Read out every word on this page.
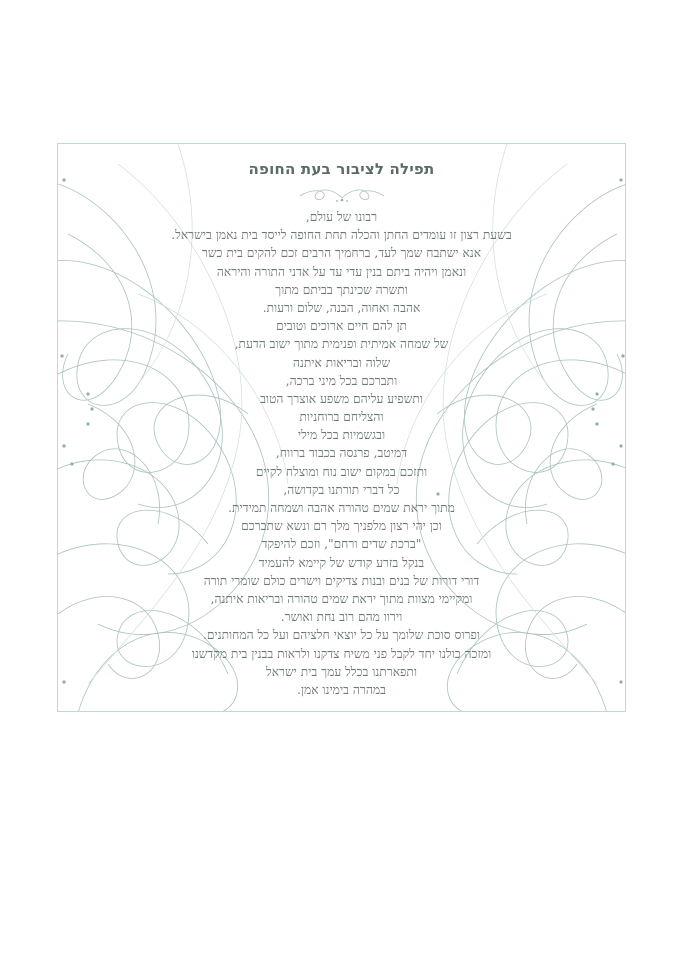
תפילה לציבור בעת החופה
רבונו של עולם,
בשעת רצון זו עומדים החתן והכלה תחת החופה לייסד בית נאמן בישראל.
אנא ישתבח שמך לעד, ברחמיך הרבים זכם להקים בית כשר
ונאמן ויהיה ביתם בנין עדי עד על אדני התורה והיראה
ותשרה שכינתך בביתם מתוך
אהבה ואחוה, הבנה, שלום ורעות.
תן להם חיים ארוכים וטובים
של שמחה אמיתית ופנימית מתוך ישוב הדעת,
שלוה ובריאות איתנה
ותברכם בכל מיני ברכה,
ותשפיע עליהם משפע אוצרך הטוב
והצליחם ברוחניות
ובגשמיות בכל מילי
דמיטב, פרנסה בכבוד ברווח,
ותזכם במקום ישוב נוח ומוצלח לקיים
כל דברי תורתנו בקדושה,
מתוך יראת שמים טהורה אהבה ושמחה תמידית.
וכן יהי רצון מלפניך מלך רם ונשא שתברכם
"ברכת שדים ורחם", וזכם להיפקד
בנקל בזרע קודש של קיימא להעמיד
דורי דורות של בנים ובנות צדיקים וישרים כולם שומרי תורה
ומקיימי מצוות מתוך יראת שמים טהורה ובריאות איתנה,
וירוו מהם רוב נחת ואושר.
ופרוס סוכת שלומך על כל יוצאי חלציהם ועל כל המחותנים.
ומזכה כולנו יחד לקבל פני משיח צדקנו ולראות בבנין בית מקדשנו
ותפארתנו בכלל עמך בית ישראל
במהרה בימינו אמן.
